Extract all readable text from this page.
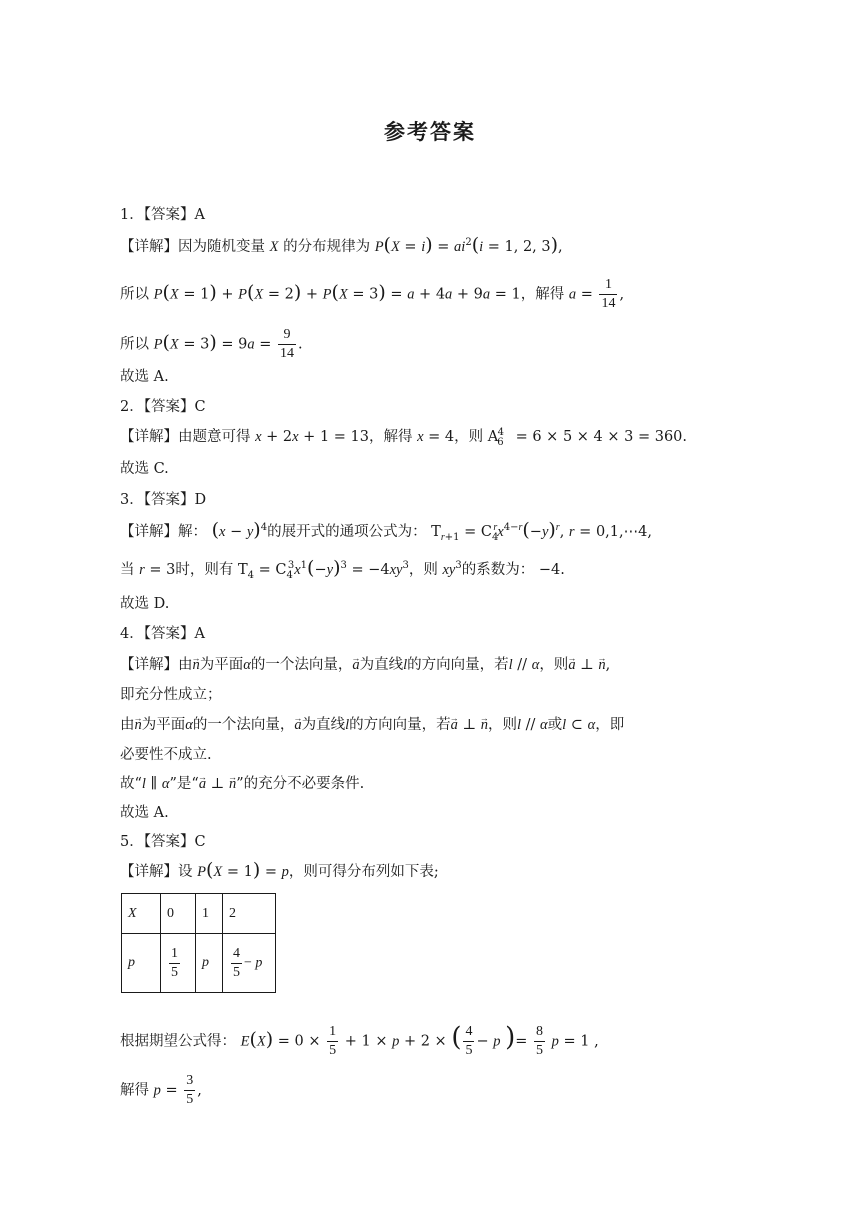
参考答案
1．【答案】A
【详解】因为随机变量 X 的分布规律为 $P(X = i) = ai^2(i = 1$, 2, 3),
所以 P(X = 1) + P(X = 2) + P(X = 3) = a + 4a + 9a = 1，解得 $a = \frac{1}{14}$ ,
所以 $P(X = 3) = 9a = \frac{9}{14}$ .
故选 A.
2．【答案】C
【详解】由题意可得 x + 2x + 1 = 13，解得 x = 4，则 $A_6^4 = 6 \times 5 \times 4 \times 3 = 360$.
故选 C.
3．【答案】D
【详解】解： $(x - y)^4$的展开式的通项公式为： $T_{r+1} = C_4^rx^{4-r}(-y)^r$, r = 0,1,⋯4,
当 r = 3时，则有 $T_4 = C_4^3x^1(-y)^3 = -4xy^3$，则 $xy^3$的系数为： −4.
故选 D.
4．【答案】A
【详解】由n →为平面α的一个法向量，a →为直线l的方向向量，若l // α，则a → ⊥ n →,
即充分性成立；
由n →为平面α的一个法向量，a →为直线l的方向向量，若a → ⊥ n →，则l // α或l ⊂ α，即
必要性不成立.
故“l ∥ α”是“a → ⊥ n →”的充分不必要条件.
故选 A.
5．【答案】C
【详解】设 P(X = 1) = p，则可得分布列如下表;
X	0	1	2
p	$\frac{1}{5}$	p	$\frac{4}{5} - p$
根据期望公式得： $E(X) = 0 \times \frac{1}{5} + 1 \times p + 2$ × ( $\frac{4}{5} - p$ )= $\frac{8}{5}$ p = 1 ,
解得 $p = \frac{3}{5}$ ,
